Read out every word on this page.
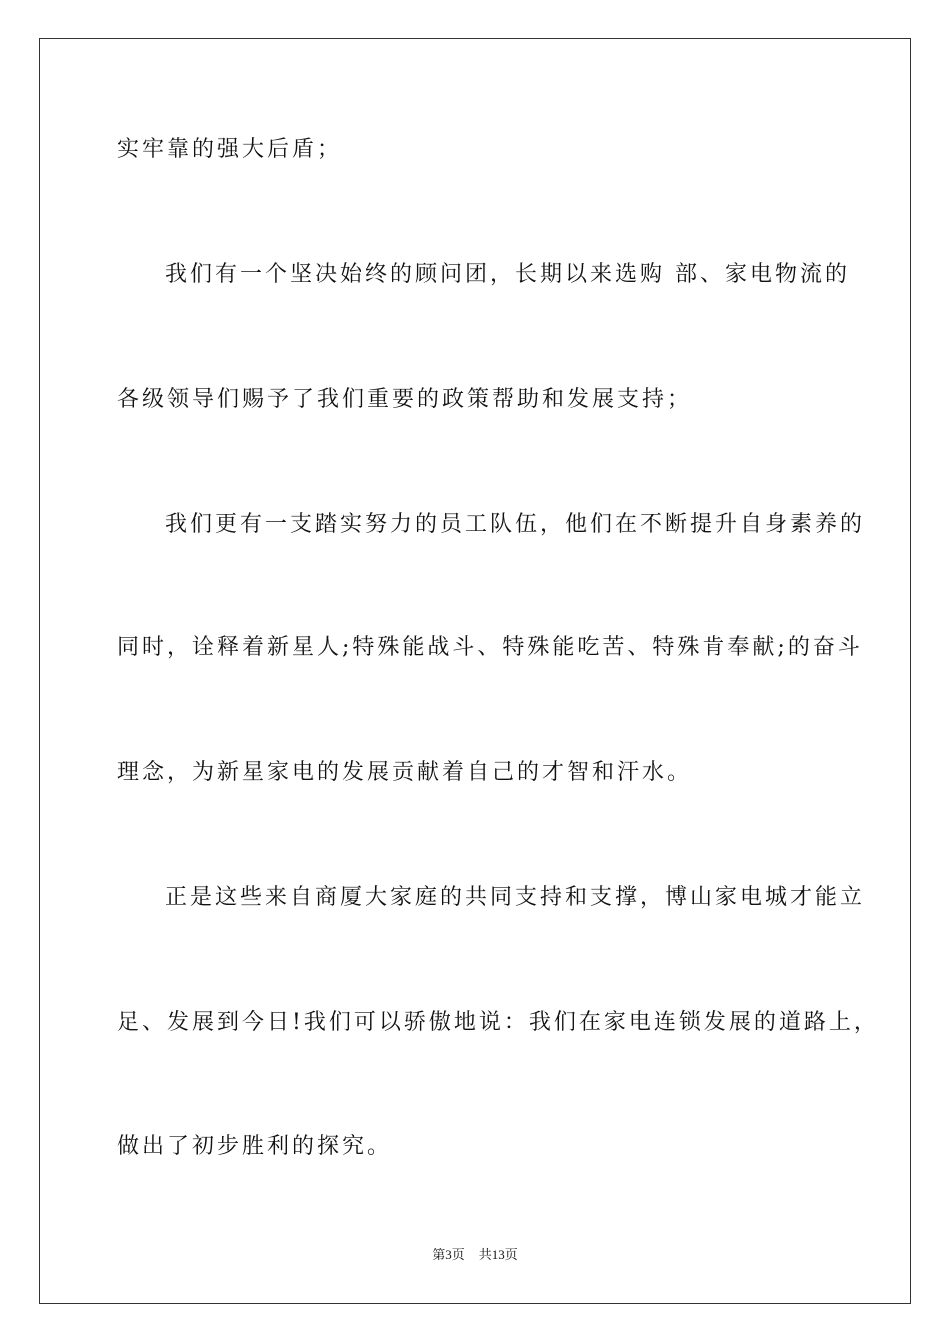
实牢靠的强大后盾；
我们有一个坚决始终的顾问团，长期以来选购 部、家电物流的
各级领导们赐予了我们重要的政策帮助和发展支持；
我们更有一支踏实努力的员工队伍，他们在不断提升自身素养的
同时，诠释着新星人;特殊能战斗、特殊能吃苦、特殊肯奉献;的奋斗
理念，为新星家电的发展贡献着自己的才智和汗水。
正是这些来自商厦大家庭的共同支持和支撑，博山家电城才能立
足、发展到今日!我们可以骄傲地说：我们在家电连锁发展的道路上，
做出了初步胜利的探究。
第3页 共13页
